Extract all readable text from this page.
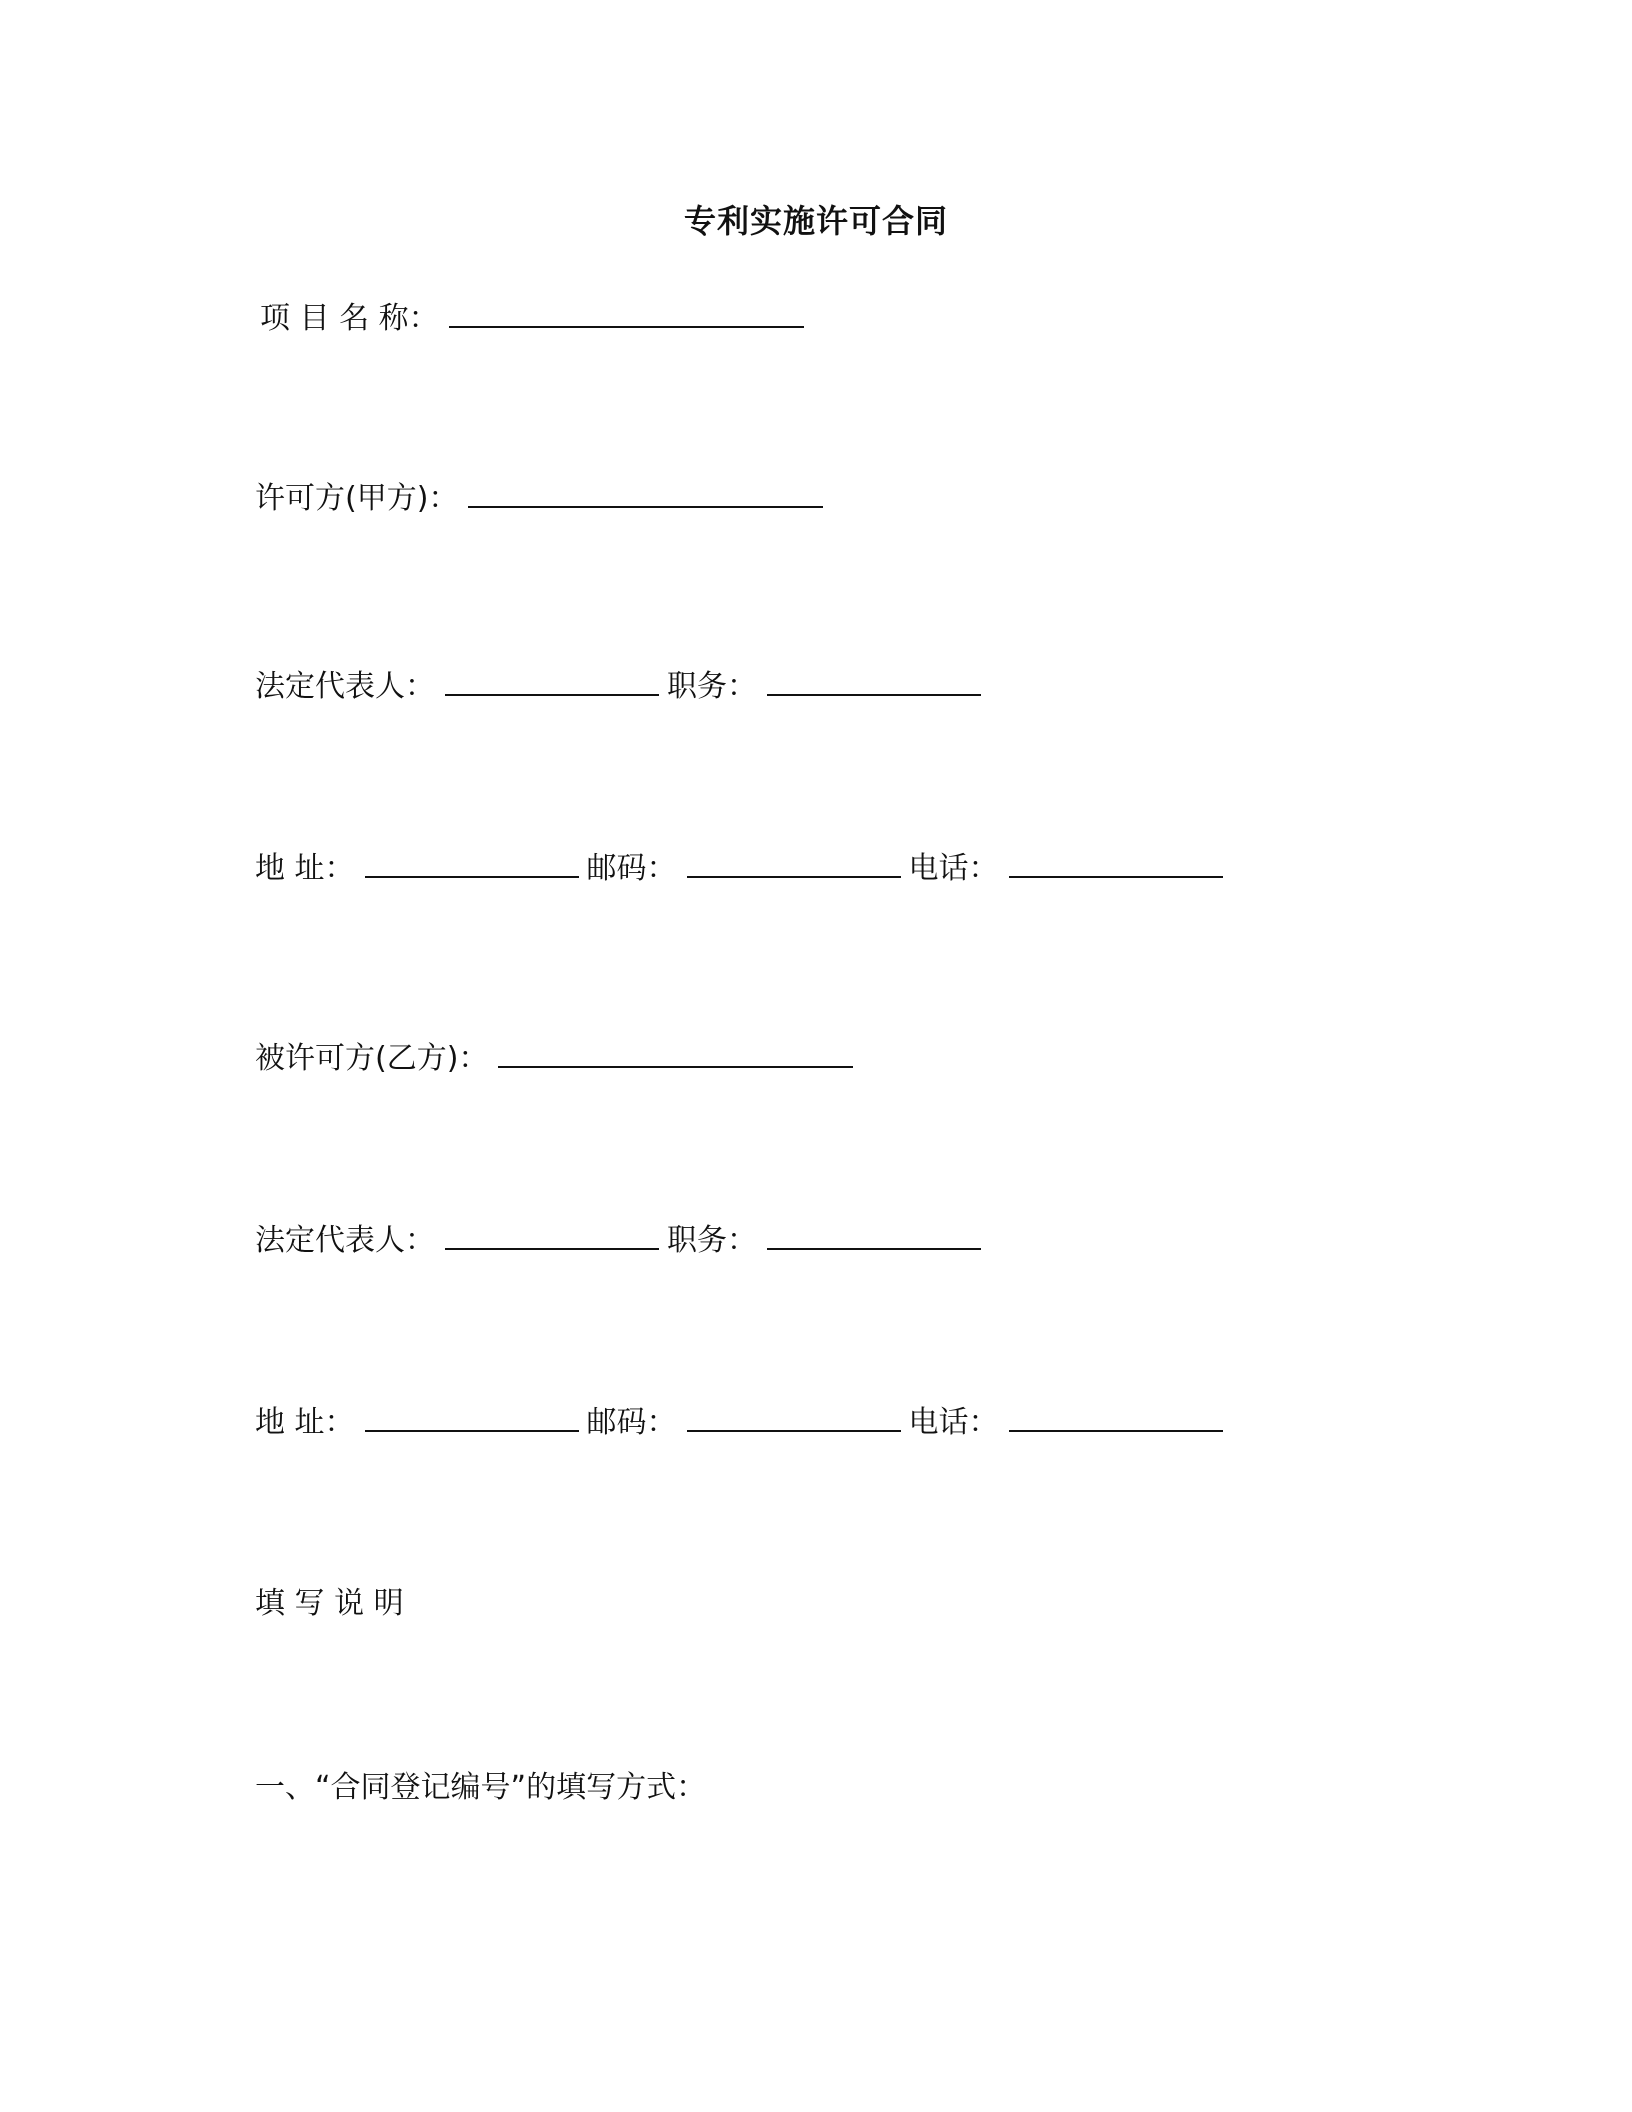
专利实施许可合同
项 目 名 称：
许可方(甲方)：
法定代表人：	职务：
地 址：	邮码：	电话：
被许可方(乙方)：
法定代表人：	职务：
地 址：	邮码：	电话：
填 写 说 明
一、“合同登记编号”的填写方式：
